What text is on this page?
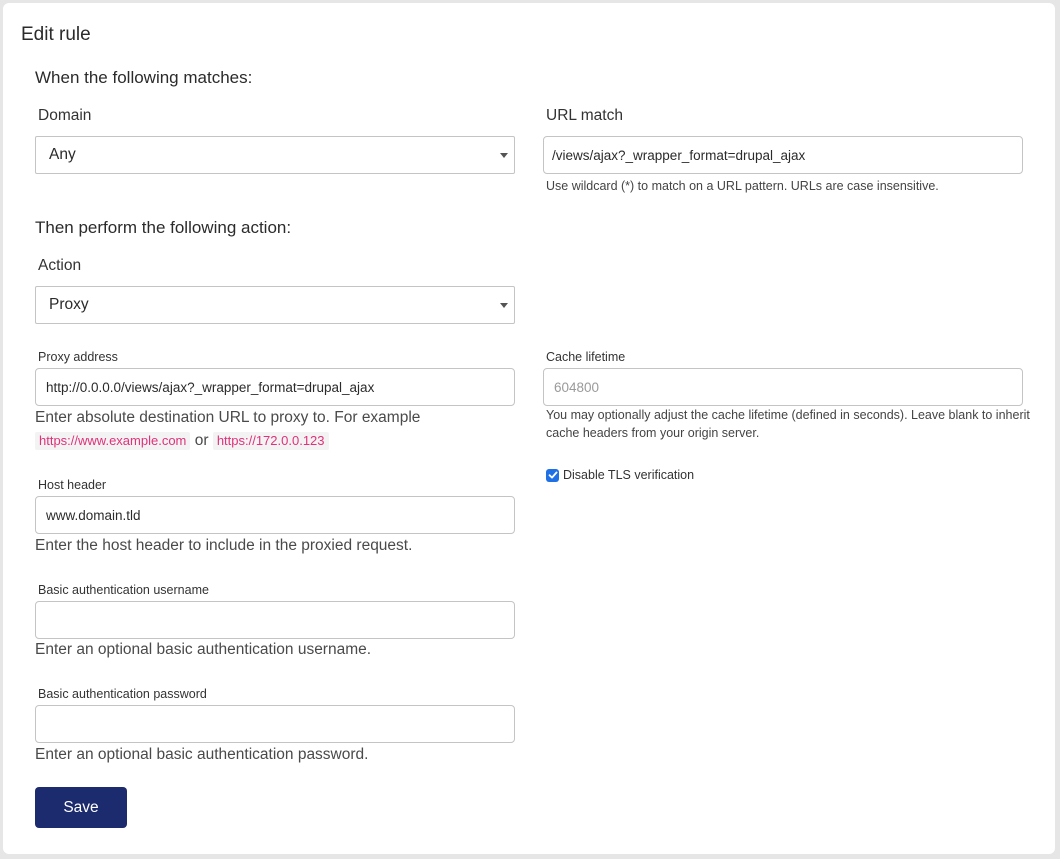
Edit rule
When the following matches:
Domain
Any
URL match
/views/ajax?_wrapper_format=drupal_ajax
Use wildcard (*) to match on a URL pattern. URLs are case insensitive.
Then perform the following action:
Action
Proxy
Proxy address
http://0.0.0.0/views/ajax?_wrapper_format=drupal_ajax
Enter absolute destination URL to proxy to. For example
https://www.example.com or https://172.0.0.123
Cache lifetime
604800
You may optionally adjust the cache lifetime (defined in seconds). Leave blank to inherit cache headers from your origin server.
Disable TLS verification
Host header
www.domain.tld
Enter the host header to include in the proxied request.
Basic authentication username
Enter an optional basic authentication username.
Basic authentication password
Enter an optional basic authentication password.
Save
